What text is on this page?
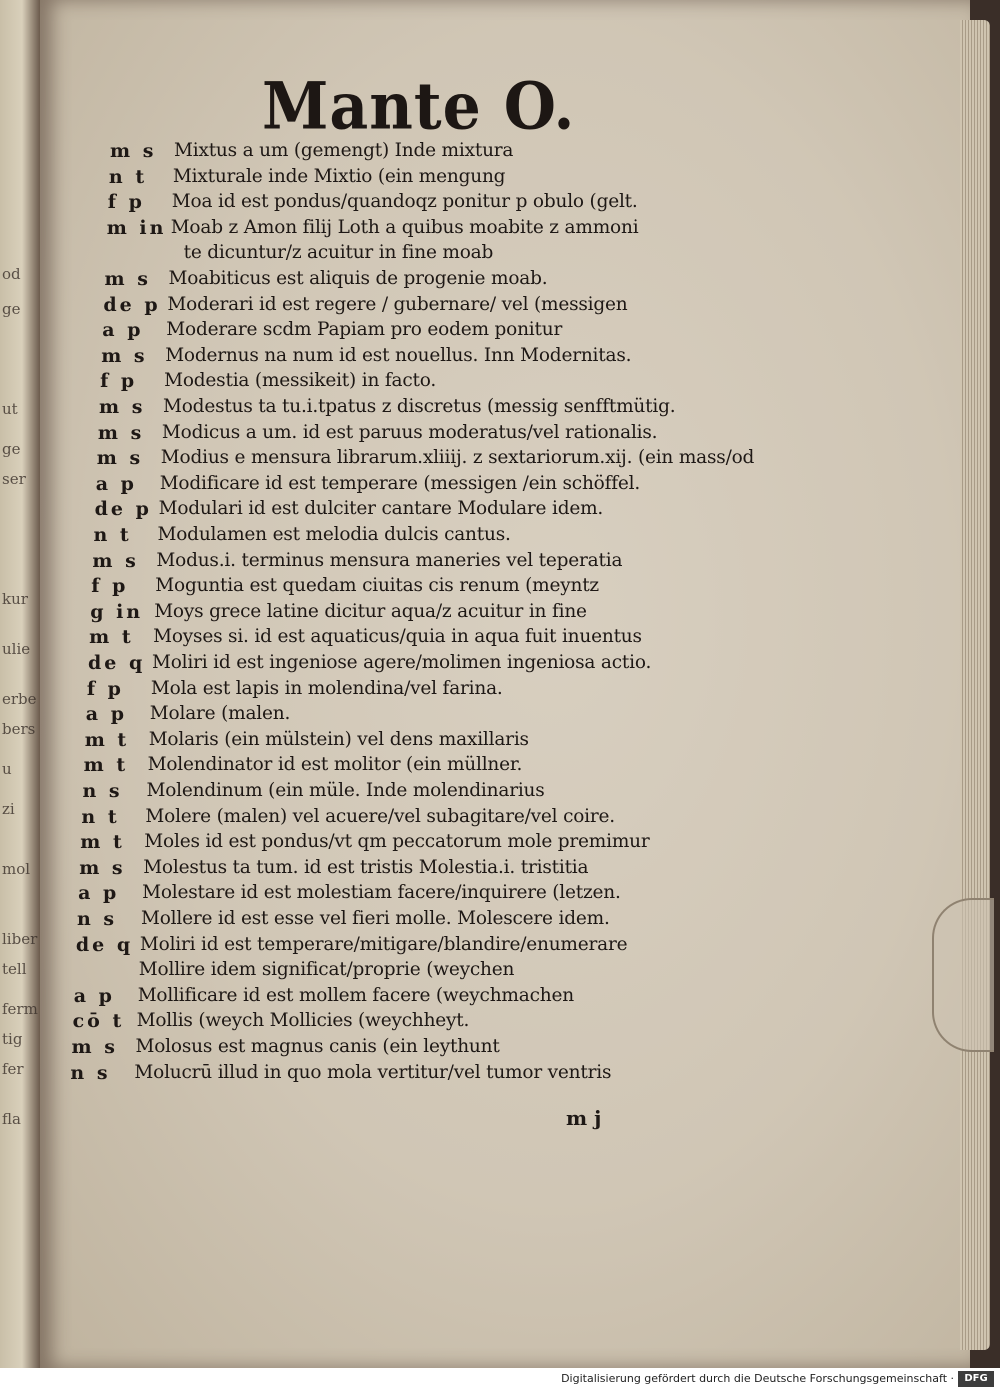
od
ge
ut
ge
ser
kur
ulie
erbe
bers
u
zi
mol
liber
tell
ferm
tig
fer
fla
Mante O.
m s Mixtus a um (gemengt) Inde mixtura
n t	Mixturale inde Mixtio (ein mengung
f p	Moa id est pondus/quandoqz ponitur p obulo (gelt.
m in Moab z Amon filij Loth a quibus moabite z ammoni
te dicuntur/z acuitur in fine moab
m s Moabiticus est aliquis de progenie moab.
de p Moderari id est regere / gubernare/ vel (messigen
a p	Moderare scdm Papiam pro eodem ponitur
m s Modernus na num id est nouellus. Inn Modernitas.
f p	Modestia (messikeit) in facto.
m s Modestus ta tu.i.tpatus z discretus (messig senfftmütig.
m s Modicus a um. id est paruus moderatus/vel rationalis.
m s Modius e mensura librarum.xliiij. z sextariorum.xij. (ein mass/od
a p	Modificare id est temperare (messigen /ein schöffel.
de p Modulari id est dulciter cantare Modulare idem.
n t	Modulamen est melodia dulcis cantus.
m s Modus.i. terminus mensura maneries vel teperatia
f p	Moguntia est quedam ciuitas cis renum (meyntz
g in Moys grece latine dicitur aqua/z acuitur in fine
m t	Moyses si. id est aquaticus/quia in aqua fuit inuentus
de q Moliri id est ingeniose agere/molimen ingeniosa actio.
f p	Mola est lapis in molendina/vel farina.
a p	Molare (malen.
m t	Molaris (ein mülstein) vel dens maxillaris
m t	Molendinator id est molitor (ein müllner.
n s	Molendinum (ein müle. Inde molendinarius
n t	Molere (malen) vel acuere/vel subagitare/vel coire.
m t	Moles id est pondus/vt qm peccatorum mole premimur
m s Molestus ta tum. id est tristis Molestia.i. tristitia
a p	Molestare id est molestiam facere/inquirere (letzen.
n s	Mollere id est esse vel fieri molle. Molescere idem.
de q Moliri id est temperare/mitigare/blandire/enumerare
Mollire idem significat/proprie (weychen
a p	Mollificare id est mollem facere (weychmachen
cō t Mollis (weych Mollicies (weychheyt.
m s Molosus est magnus canis (ein leythunt
n s	Molucrū illud in quo mola vertitur/vel tumor ventris
m j
Digitalisierung gefördert durch die Deutsche Forschungsgemeinschaft ·	DFG
